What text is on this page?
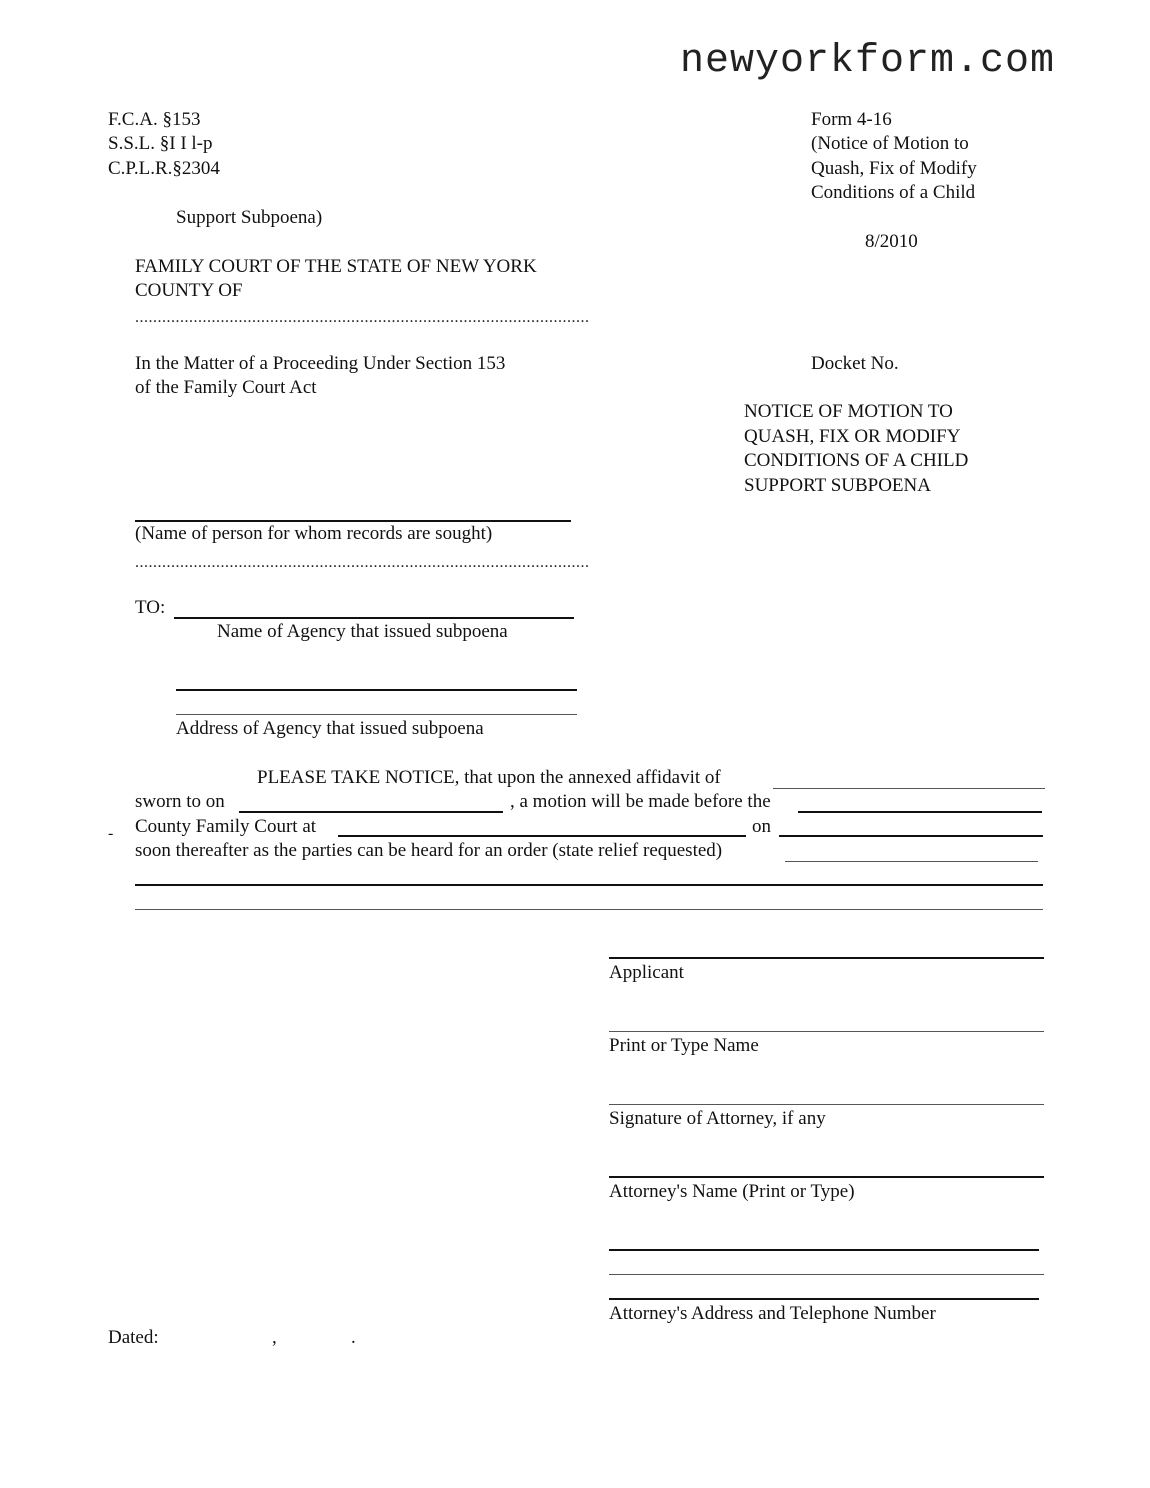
newyorkform.com
F.C.A. §153
S.S.L. §I I l-p
C.P.L.R.§2304
Form 4-16
(Notice of Motion to
Quash, Fix of Modify
Conditions of a Child
Support Subpoena)
8/2010
FAMILY COURT OF THE STATE OF NEW YORK
COUNTY OF
.....................................................................................................
In the Matter of a Proceeding Under Section 153
of the Family Court Act
Docket No.
NOTICE OF MOTION TO
QUASH, FIX OR MODIFY
CONDITIONS OF A CHILD
SUPPORT SUBPOENA
(Name of person for whom records are sought)
.....................................................................................................
TO:
Name of Agency that issued subpoena
Address of Agency that issued subpoena
PLEASE TAKE NOTICE, that upon the annexed affidavit of
sworn to on	, a motion will be made before the
- County Family Court at	on
soon thereafter as the parties can be heard for an order (state relief requested)
Applicant
Print or Type Name
Signature of Attorney, if any
Attorney's Name (Print or Type)
Attorney's Address and Telephone Number
Dated:	,	.
